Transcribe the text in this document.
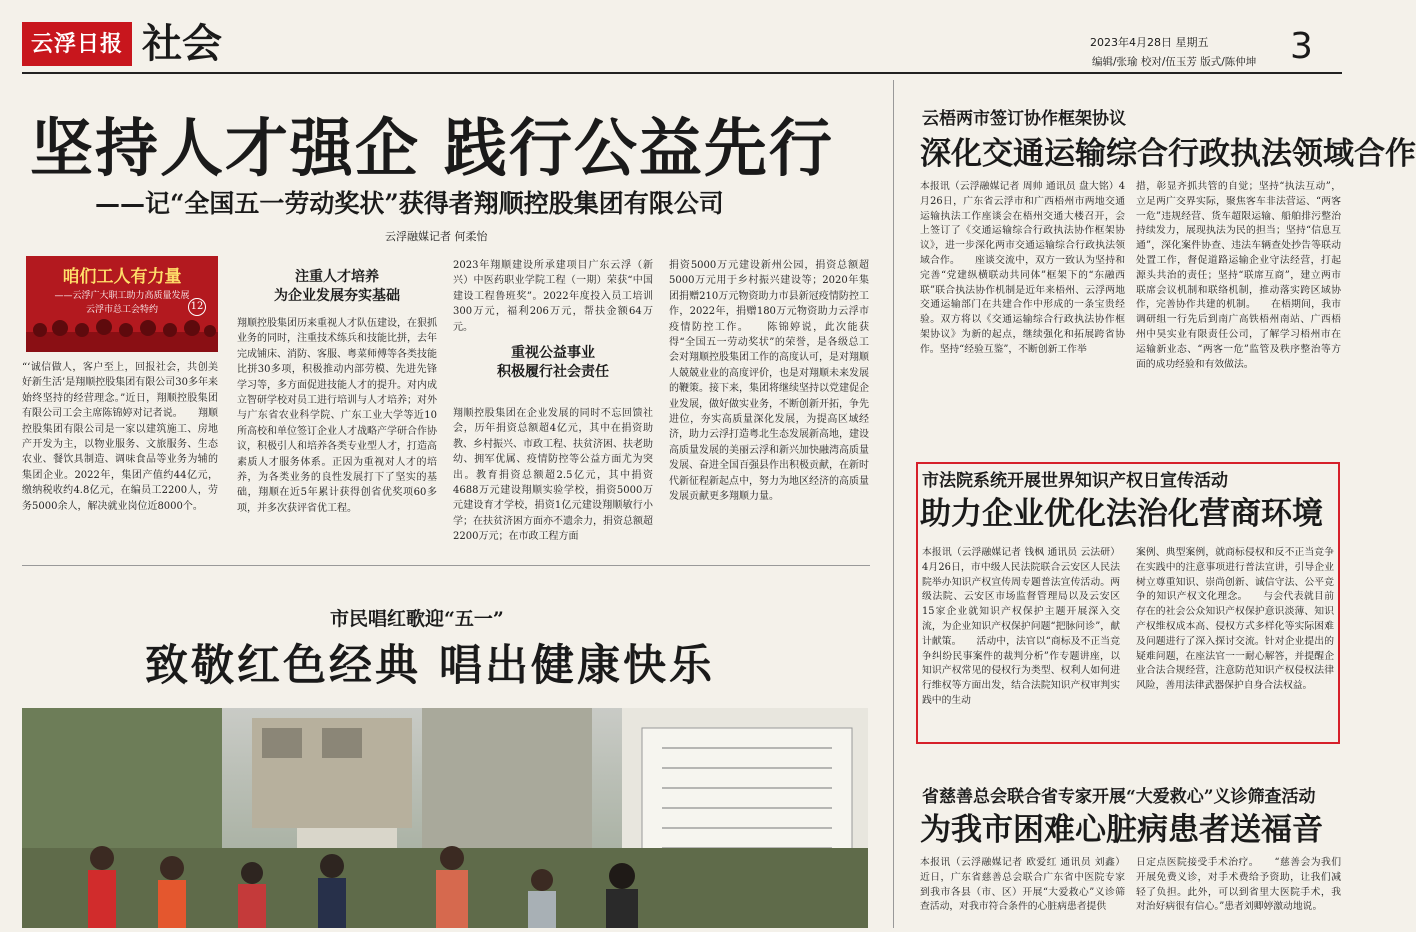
云浮日报 社会	2023年4月28日 星期五
编辑/张瑜 校对/伍玉芳 版式/陈仲坤 3
坚持人才强企 践行公益先行
——记“全国五一劳动奖状”获得者翔顺控股集团有限公司
云浮融媒记者 何柔怡
咱们工人有力量
——云浮广大职工助力高质量发展
云浮市总工会特约	12
“‘诚信做人，客户至上，回报社会，共创美好新生活’是翔顺控股集团有限公司30多年来始终坚持的经营理念。”近日，翔顺控股集团有限公司工会主席陈锦婷对记者说。　　翔顺控股集团有限公司是一家以建筑施工、房地产开发为主，以物业服务、文旅服务、生态农业、餐饮具制造、调味食品等业务为辅的集团企业。2022年，集团产值约44亿元，缴纳税收约4.8亿元，在编员工2200人，劳务5000余人，解决就业岗位近8000个。
注重人才培养
为企业发展夯实基础
翔顺控股集团历来重视人才队伍建设，在狠抓业务的同时，注重技术练兵和技能比拼，去年完成铺床、消防、客服、粤菜师傅等各类技能比拼30多项，积极推动内部劳模、先进先锋学习等，多方面促进技能人才的提升。对内成立智研学校对员工进行培训与人才培养；对外与广东省农业科学院、广东工业大学等近10所高校和单位签订企业人才战略产学研合作协议，积极引人和培养各类专业型人才，打造高素质人才服务体系。正因为重视对人才的培养，为各类业务的良性发展打下了坚实的基础，翔顺在近5年累计获得创省优奖项60多项，并多次获评省优工程。
2023年翔顺建设所承建项目广东云浮（新兴）中医药职业学院工程（一期）荣获“中国建设工程鲁班奖”。2022年度投入员工培训300万元，福利206万元，帮扶金额64万元。
重视公益事业
积极履行社会责任
翔顺控股集团在企业发展的同时不忘回馈社会，历年捐资总额超4亿元，其中在捐资助教、乡村振兴、市政工程、扶贫济困、扶老助幼、拥军优属、疫情防控等公益方面尤为突出。教育捐资总额超2.5亿元，其中捐资4688万元建设翔顺实验学校，捐资5000万元建设育才学校，捐资1亿元建设翔顺敏行小学；在扶贫济困方面亦不遗余力，捐资总额超2200万元；在市政工程方面
捐资5000万元建设新州公园，捐资总额超5000万元用于乡村振兴建设等；2020年集团捐赠210万元物资助力市县新冠疫情防控工作，2022年，捐赠180万元物资助力云浮市疫情防控工作。　　陈锦婷说，此次能获得“全国五一劳动奖状”的荣誉，是各级总工会对翔顺控股集团工作的高度认可，是对翔顺人兢兢业业的高度评价，也是对翔顺未来发展的鞭策。接下来，集团将继续坚持以党建促企业发展，做好做实业务，不断创新开拓，争先进位，夯实高质量深化发展，为提高区域经济，助力云浮打造粤北生态发展新高地，建设高质量发展的美丽云浮和新兴加快融湾高质量发展、奋进全国百强县作出积极贡献，在新时代新征程新起点中，努力为地区经济的高质量发展贡献更多翔顺力量。
市民唱红歌迎“五一”
致敬红色经典 唱出健康快乐
云梧两市签订协作框架协议
深化交通运输综合行政执法领域合作
本报讯（云浮融媒记者 周帅 通讯员 盘大铭）4月26日，广东省云浮市和广西梧州市两地交通运输执法工作座谈会在梧州交通大楼召开，会上签订了《交通运输综合行政执法协作框架协议》，进一步深化两市交通运输综合行政执法领域合作。　　座谈交流中，双方一致认为坚持和完善“党建纵横联动共同体”框架下的“东融西联”联合执法协作机制是近年来梧州、云浮两地交通运输部门在共建合作中形成的一条宝贵经验。双方将以《交通运输综合行政执法协作框架协议》为新的起点，继续强化和拓展跨省协作。坚持“经验互鉴”，不断创新工作举
措，彰显齐抓共管的自觉；坚持“执法互动”，立足两广交界实际，聚焦客车非法营运、“两客一危”违规经营、货车超限运输、船舶排污整治持续发力，展现执法为民的担当；坚持“信息互通”，深化案件协查、违法车辆查处抄告等联动处置工作，督促道路运输企业守法经营，打起源头共治的责任；坚持“联席互商”，建立两市联席会议机制和联络机制，推动落实跨区域协作，完善协作共建的机制。　　在梧期间，我市调研组一行先后到南广高铁梧州南站、广西梧州中昊实业有限责任公司，了解学习梧州市在运输新业态、“两客一危”监管及秩序整治等方面的成功经验和有效做法。
市法院系统开展世界知识产权日宣传活动
助力企业优化法治化营商环境
本报讯（云浮融媒记者 钱枫 通讯员 云法研）4月26日，市中级人民法院联合云安区人民法院举办知识产权宣传周专题普法宣传活动。两级法院、云安区市场监督管理局以及云安区15家企业就知识产权保护主题开展深入交流，为企业知识产权保护问题“把脉问诊”，献计献策。　　活动中，法官以“商标及不正当竞争纠纷民事案件的裁判分析”作专题讲座，以知识产权常见的侵权行为类型、权利人如何进行维权等方面出发，结合法院知识产权审判实践中的生动
案例、典型案例，就商标侵权和反不正当竞争在实践中的注意事项进行普法宣讲，引导企业树立尊重知识、崇尚创新、诚信守法、公平竞争的知识产权文化理念。　　与会代表就目前存在的社会公众知识产权保护意识淡薄、知识产权维权成本高、侵权方式多样化等实际困难及问题进行了深入探讨交流。针对企业提出的疑难问题，在座法官一一耐心解答，并提醒企业合法合规经营，注意防范知识产权侵权法律风险，善用法律武器保护自身合法权益。
省慈善总会联合省专家开展“大爱救心”义诊筛查活动
为我市困难心脏病患者送福音
本报讯（云浮融媒记者 欧爱红 通讯员 刘鑫）近日，广东省慈善总会联合广东省中医院专家到我市各县（市、区）开展“大爱救心”义诊筛查活动，对我市符合条件的心脏病患者提供
日定点医院接受手术治疗。　　“慈善会为我们开展免费义诊，对手术费给予资助，让我们减轻了负担。此外，可以到省里大医院手术，我对治好病很有信心。”患者刘卿婷激动地说。
